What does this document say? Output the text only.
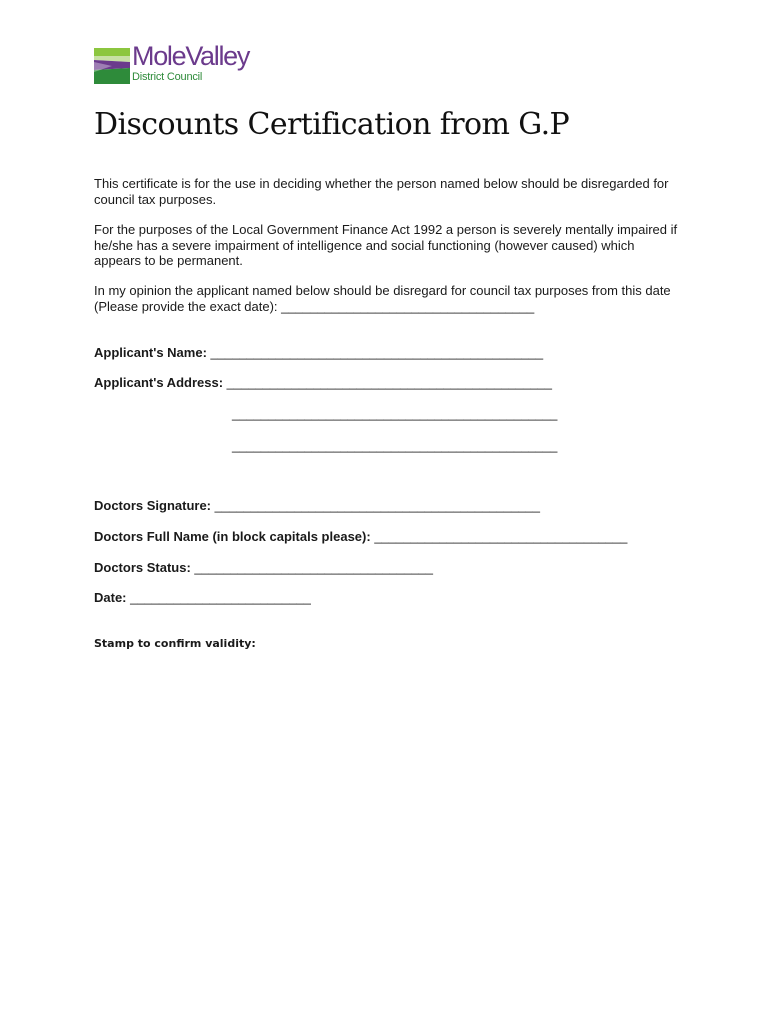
MoleValley
District Council
Discounts Certification from G.P

This certificate is for the use in deciding whether the person named below should be disregarded for council tax purposes.

For the purposes of the Local Government Finance Act 1992 a person is severely mentally impaired if he/she has a severe impairment of intelligence and social functioning (however caused) which appears to be permanent.

In my opinion the applicant named below should be disregard for council tax purposes from this date (Please provide the exact date): ___________________________________

Applicant's Name: ______________________________________________
Applicant's Address: _____________________________________________
_____________________________________________
_____________________________________________
Doctors Signature: _____________________________________________
Doctors Full Name (in block capitals please): ___________________________________
Doctors Status: _________________________________
Date: _________________________
Stamp to confirm validity:
